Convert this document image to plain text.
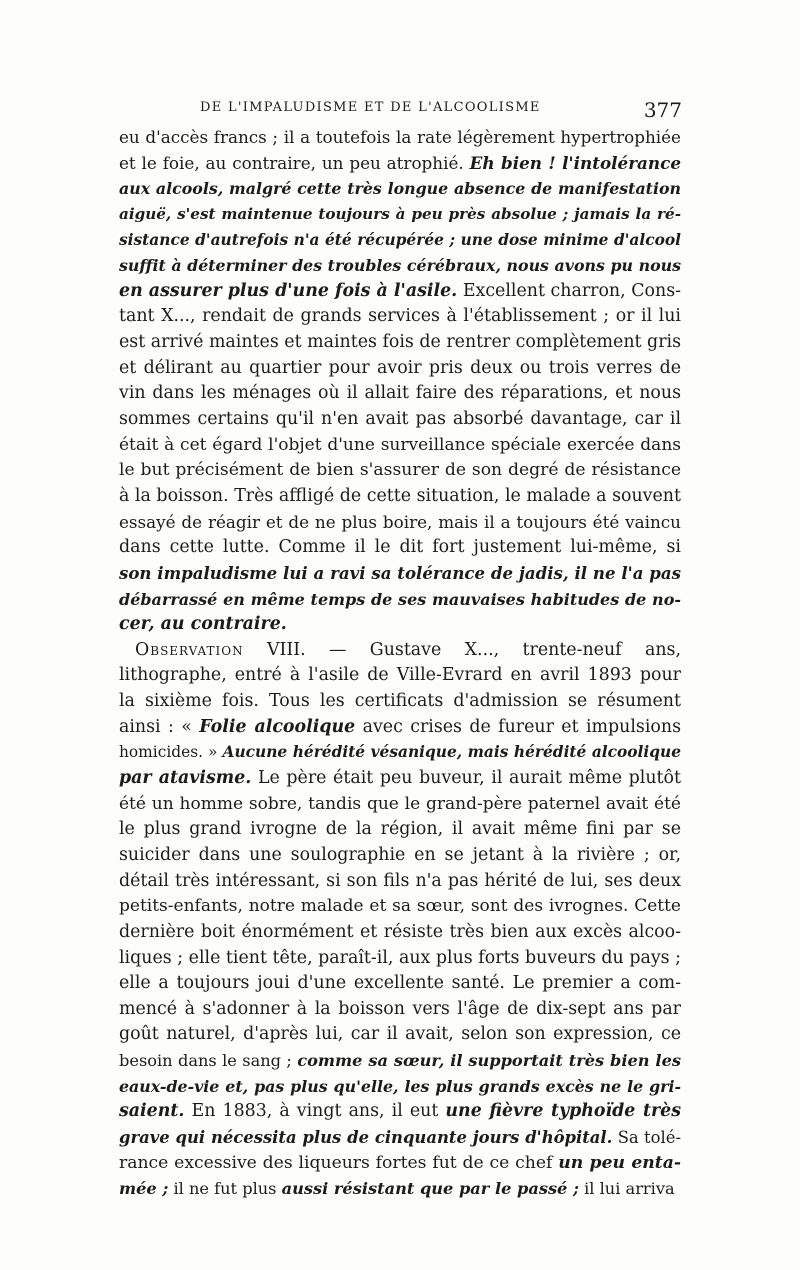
DE L'IMPALUDISME ET DE L'ALCOOLISME	377
eu d'accès francs ; il a toutefois la rate légèrement hypertrophiée
et le foie, au contraire, un peu atrophié. Eh bien ! l'intolérance
aux alcools, malgré cette très longue absence de manifestation
aiguë, s'est maintenue toujours à peu près absolue ; jamais la ré-
sistance d'autrefois n'a été récupérée ; une dose minime d'alcool
suffit à déterminer des troubles cérébraux, nous avons pu nous
en assurer plus d'une fois à l'asile. Excellent charron, Cons-
tant X..., rendait de grands services à l'établissement ; or il lui
est arrivé maintes et maintes fois de rentrer complètement gris
et délirant au quartier pour avoir pris deux ou trois verres de
vin dans les ménages où il allait faire des réparations, et nous
sommes certains qu'il n'en avait pas absorbé davantage, car il
était à cet égard l'objet d'une surveillance spéciale exercée dans
le but précisément de bien s'assurer de son degré de résistance
à la boisson. Très affligé de cette situation, le malade a souvent
essayé de réagir et de ne plus boire, mais il a toujours été vaincu
dans cette lutte. Comme il le dit fort justement lui-même, si
son impaludisme lui a ravi sa tolérance de jadis, il ne l'a pas
débarrassé en même temps de ses mauvaises habitudes de no-
cer, au contraire.
Observation VIII. — Gustave X..., trente-neuf ans,
lithographe, entré à l'asile de Ville-Evrard en avril 1893 pour
la sixième fois. Tous les certificats d'admission se résument
ainsi : « Folie alcoolique avec crises de fureur et impulsions
homicides. » Aucune hérédité vésanique, mais hérédité alcoolique
par atavisme. Le père était peu buveur, il aurait même plutôt
été un homme sobre, tandis que le grand-père paternel avait été
le plus grand ivrogne de la région, il avait même fini par se
suicider dans une soulographie en se jetant à la rivière ; or,
détail très intéressant, si son fils n'a pas hérité de lui, ses deux
petits-enfants, notre malade et sa sœur, sont des ivrognes. Cette
dernière boit énormément et résiste très bien aux excès alcoo-
liques ; elle tient tête, paraît-il, aux plus forts buveurs du pays ;
elle a toujours joui d'une excellente santé. Le premier a com-
mencé à s'adonner à la boisson vers l'âge de dix-sept ans par
goût naturel, d'après lui, car il avait, selon son expression, ce
besoin dans le sang ; comme sa sœur, il supportait très bien les
eaux-de-vie et, pas plus qu'elle, les plus grands excès ne le gri-
saient. En 1883, à vingt ans, il eut une fièvre typhoïde très
grave qui nécessita plus de cinquante jours d'hôpital. Sa tolé-
rance excessive des liqueurs fortes fut de ce chef un peu enta-
mée ; il ne fut plus aussi résistant que par le passé ; il lui arriva
